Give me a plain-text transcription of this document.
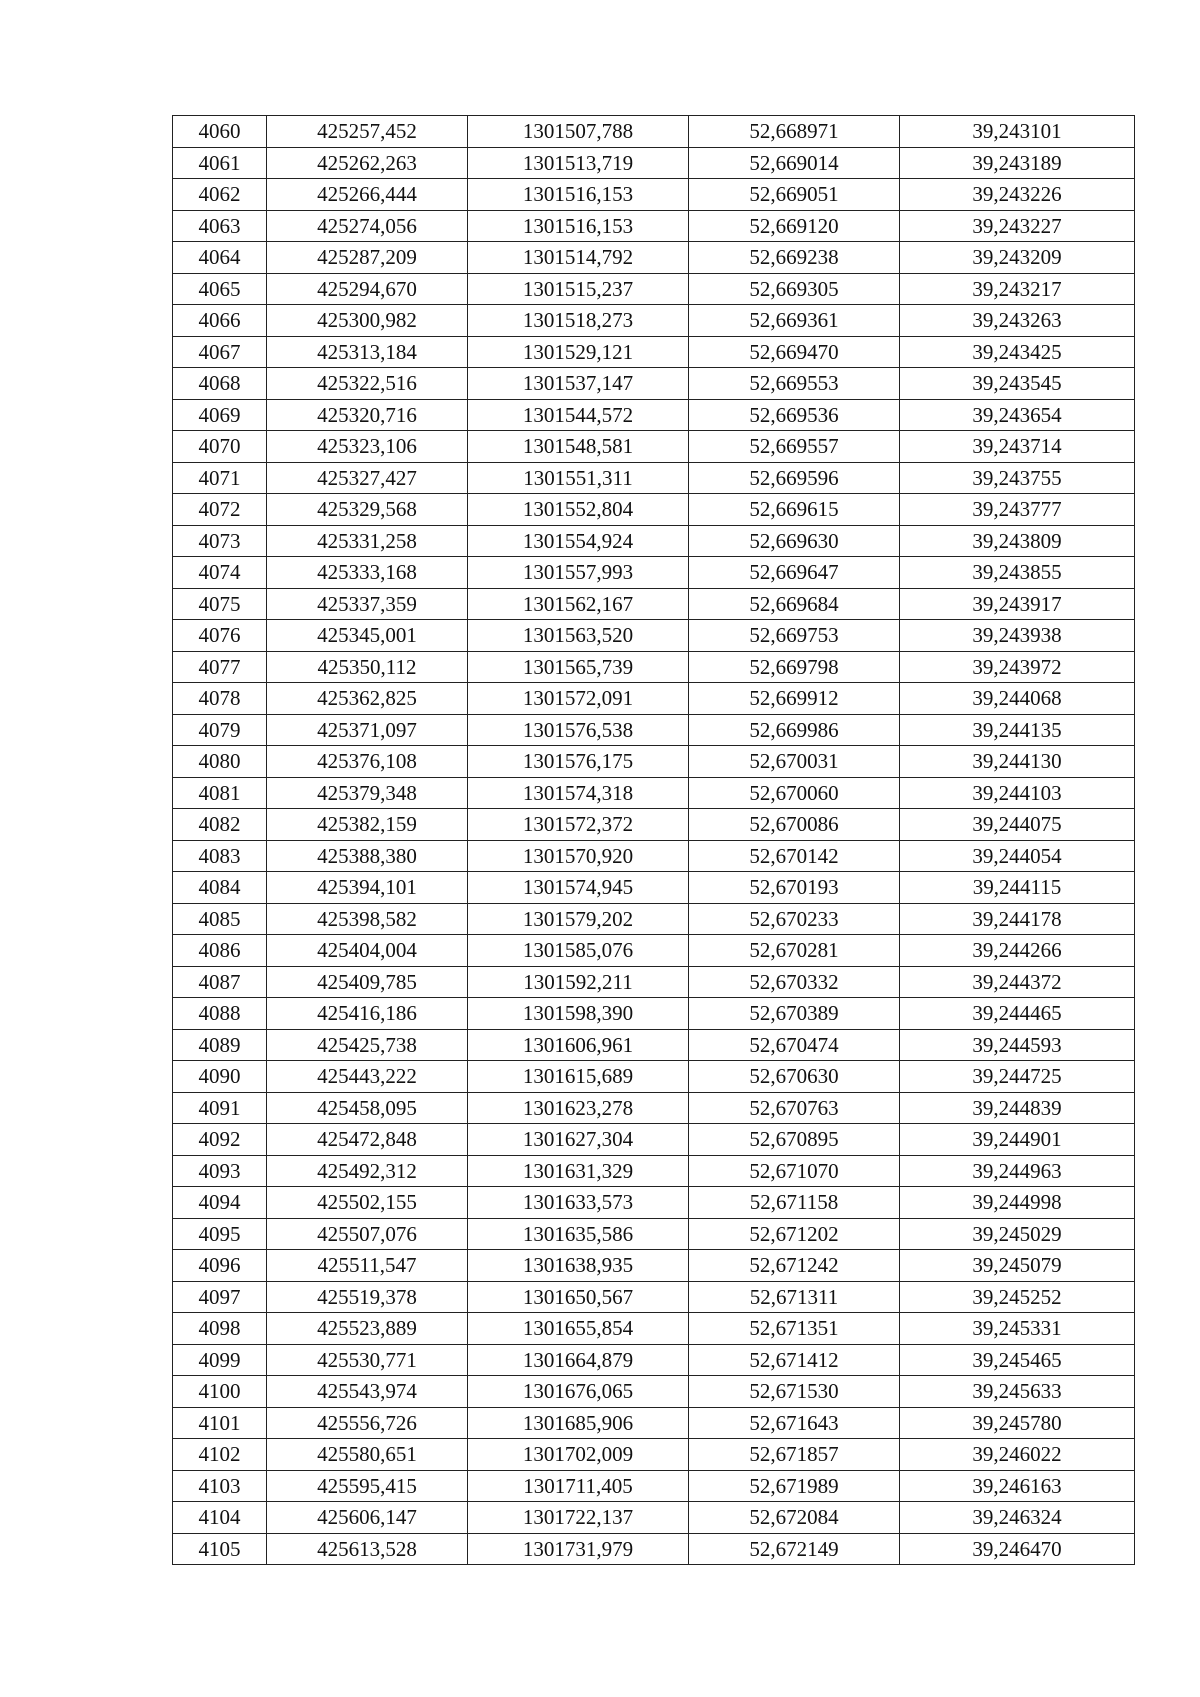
4060	425257,452	1301507,788	52,668971	39,243101
4061	425262,263	1301513,719	52,669014	39,243189
4062	425266,444	1301516,153	52,669051	39,243226
4063	425274,056	1301516,153	52,669120	39,243227
4064	425287,209	1301514,792	52,669238	39,243209
4065	425294,670	1301515,237	52,669305	39,243217
4066	425300,982	1301518,273	52,669361	39,243263
4067	425313,184	1301529,121	52,669470	39,243425
4068	425322,516	1301537,147	52,669553	39,243545
4069	425320,716	1301544,572	52,669536	39,243654
4070	425323,106	1301548,581	52,669557	39,243714
4071	425327,427	1301551,311	52,669596	39,243755
4072	425329,568	1301552,804	52,669615	39,243777
4073	425331,258	1301554,924	52,669630	39,243809
4074	425333,168	1301557,993	52,669647	39,243855
4075	425337,359	1301562,167	52,669684	39,243917
4076	425345,001	1301563,520	52,669753	39,243938
4077	425350,112	1301565,739	52,669798	39,243972
4078	425362,825	1301572,091	52,669912	39,244068
4079	425371,097	1301576,538	52,669986	39,244135
4080	425376,108	1301576,175	52,670031	39,244130
4081	425379,348	1301574,318	52,670060	39,244103
4082	425382,159	1301572,372	52,670086	39,244075
4083	425388,380	1301570,920	52,670142	39,244054
4084	425394,101	1301574,945	52,670193	39,244115
4085	425398,582	1301579,202	52,670233	39,244178
4086	425404,004	1301585,076	52,670281	39,244266
4087	425409,785	1301592,211	52,670332	39,244372
4088	425416,186	1301598,390	52,670389	39,244465
4089	425425,738	1301606,961	52,670474	39,244593
4090	425443,222	1301615,689	52,670630	39,244725
4091	425458,095	1301623,278	52,670763	39,244839
4092	425472,848	1301627,304	52,670895	39,244901
4093	425492,312	1301631,329	52,671070	39,244963
4094	425502,155	1301633,573	52,671158	39,244998
4095	425507,076	1301635,586	52,671202	39,245029
4096	425511,547	1301638,935	52,671242	39,245079
4097	425519,378	1301650,567	52,671311	39,245252
4098	425523,889	1301655,854	52,671351	39,245331
4099	425530,771	1301664,879	52,671412	39,245465
4100	425543,974	1301676,065	52,671530	39,245633
4101	425556,726	1301685,906	52,671643	39,245780
4102	425580,651	1301702,009	52,671857	39,246022
4103	425595,415	1301711,405	52,671989	39,246163
4104	425606,147	1301722,137	52,672084	39,246324
4105	425613,528	1301731,979	52,672149	39,246470
